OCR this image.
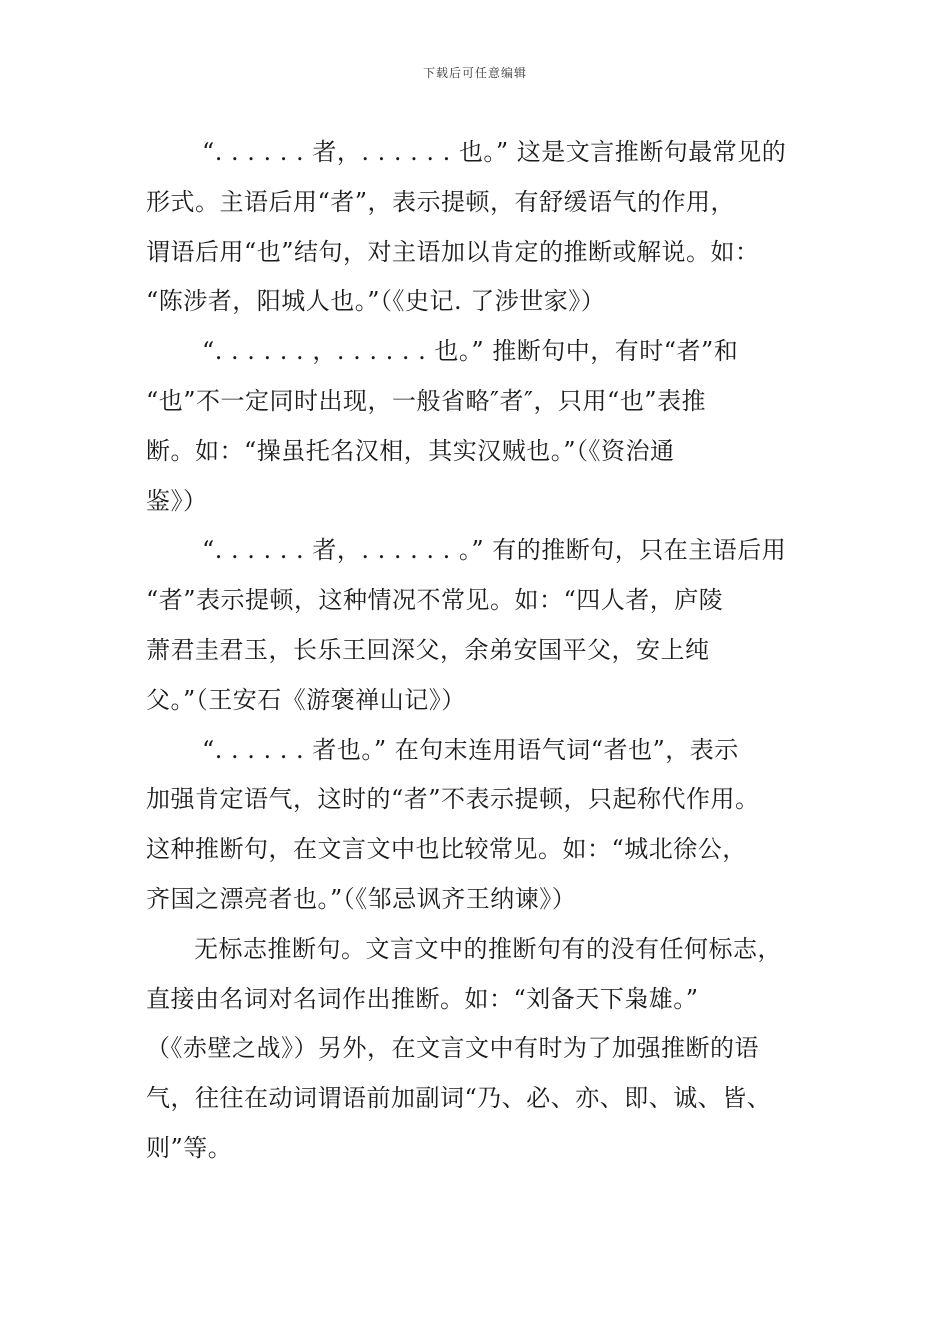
下载后可任意编辑
“. . . . . . 者，. . . . . . 也。” 这是文言推断句最常见的
形式。主语后用“者”，表示提顿，有舒缓语气的作用，
谓语后用“也”结句，对主语加以肯定的推断或解说。如：
“陈涉者，阳城人也。”（《史记. 了涉世家》）
“. . . . . . ，. . . . . . 也。” 推断句中，有时“者”和
“也”不一定同时出现，一般省略″者″，只用“也”表推
断。如：“操虽托名汉相，其实汉贼也。”（《资治通
鉴》）
“. . . . . . 者，. . . . . . 。” 有的推断句，只在主语后用
“者”表示提顿，这种情况不常见。如：“四人者，庐陵
萧君圭君玉，长乐王回深父，余弟安国平父，安上纯
父。”（王安石《游褒禅山记》）
“. . . . . . 者也。” 在句末连用语气词“者也”，表示
加强肯定语气，这时的“者”不表示提顿，只起称代作用。
这种推断句，在文言文中也比较常见。如：“城北徐公，
齐国之漂亮者也。”（《邹忌讽齐王纳谏》）
无标志推断句。文言文中的推断句有的没有任何标志，
直接由名词对名词作出推断。如：“刘备天下枭雄。”
（《赤壁之战》）另外，在文言文中有时为了加强推断的语
气，往往在动词谓语前加副词“乃、必、亦、即、诚、皆、
则”等。
